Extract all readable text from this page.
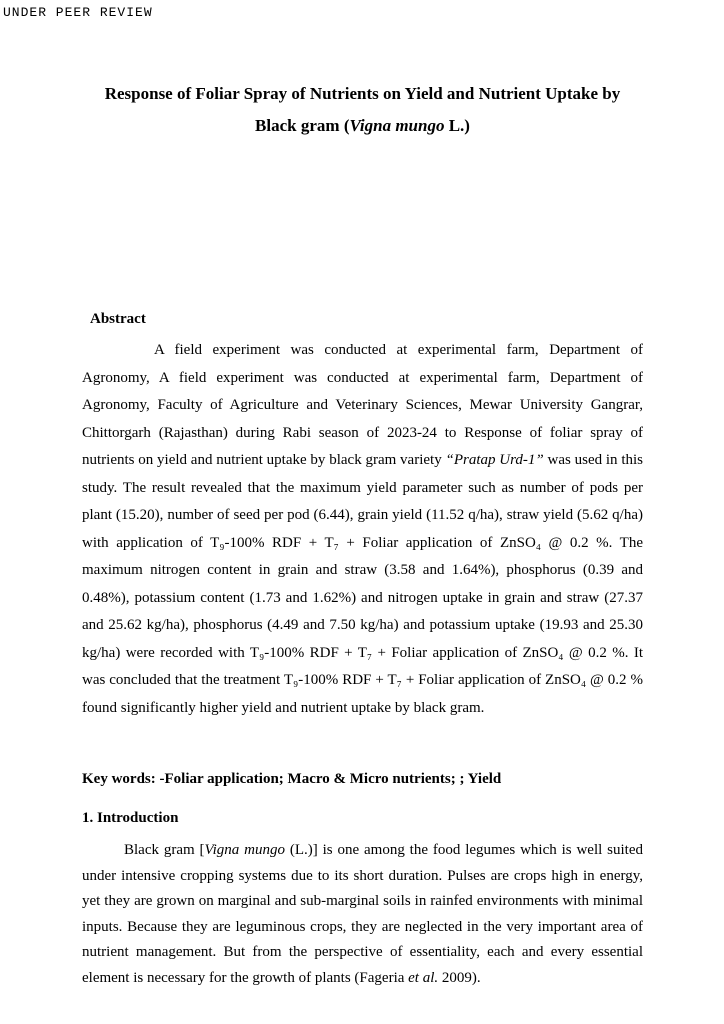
UNDER PEER REVIEW
Response of Foliar Spray of Nutrients on Yield and Nutrient Uptake by
Black gram (Vigna mungo L.)
Abstract

A field experiment was conducted at experimental farm, Department of Agronomy, A field experiment was conducted at experimental farm, Department of Agronomy, Faculty of Agriculture and Veterinary Sciences, Mewar University Gangrar, Chittorgarh (Rajasthan) during Rabi season of 2023-24 to Response of foliar spray of nutrients on yield and nutrient uptake by black gram variety “Pratap Urd-1” was used in this study. The result revealed that the maximum yield parameter such as number of pods per plant (15.20), number of seed per pod (6.44), grain yield (11.52 q/ha), straw yield (5.62 q/ha) with application of T₉-100% RDF + T₇ + Foliar application of ZnSO₄ @ 0.2 %. The maximum nitrogen content in grain and straw (3.58 and 1.64%), phosphorus (0.39 and 0.48%), potassium content (1.73 and 1.62%) and nitrogen uptake in grain and straw (27.37 and 25.62 kg/ha), phosphorus (4.49 and 7.50 kg/ha) and potassium uptake (19.93 and 25.30 kg/ha) were recorded with T₉-100% RDF + T₇ + Foliar application of ZnSO₄ @ 0.2 %. It was concluded that the treatment T₉-100% RDF + T₇ + Foliar application of ZnSO₄ @ 0.2 % found significantly higher yield and nutrient uptake by black gram.

Key words: -Foliar application; Macro & Micro nutrients; ; Yield

1. Introduction

Black gram [Vigna mungo (L.)] is one among the food legumes which is well suited under intensive cropping systems due to its short duration. Pulses are crops high in energy, yet they are grown on marginal and sub-marginal soils in rainfed environments with minimal inputs. Because they are leguminous crops, they are neglected in the very important area of nutrient management. But from the perspective of essentiality, each and every essential element is necessary for the growth of plants (Fageria et al. 2009).
